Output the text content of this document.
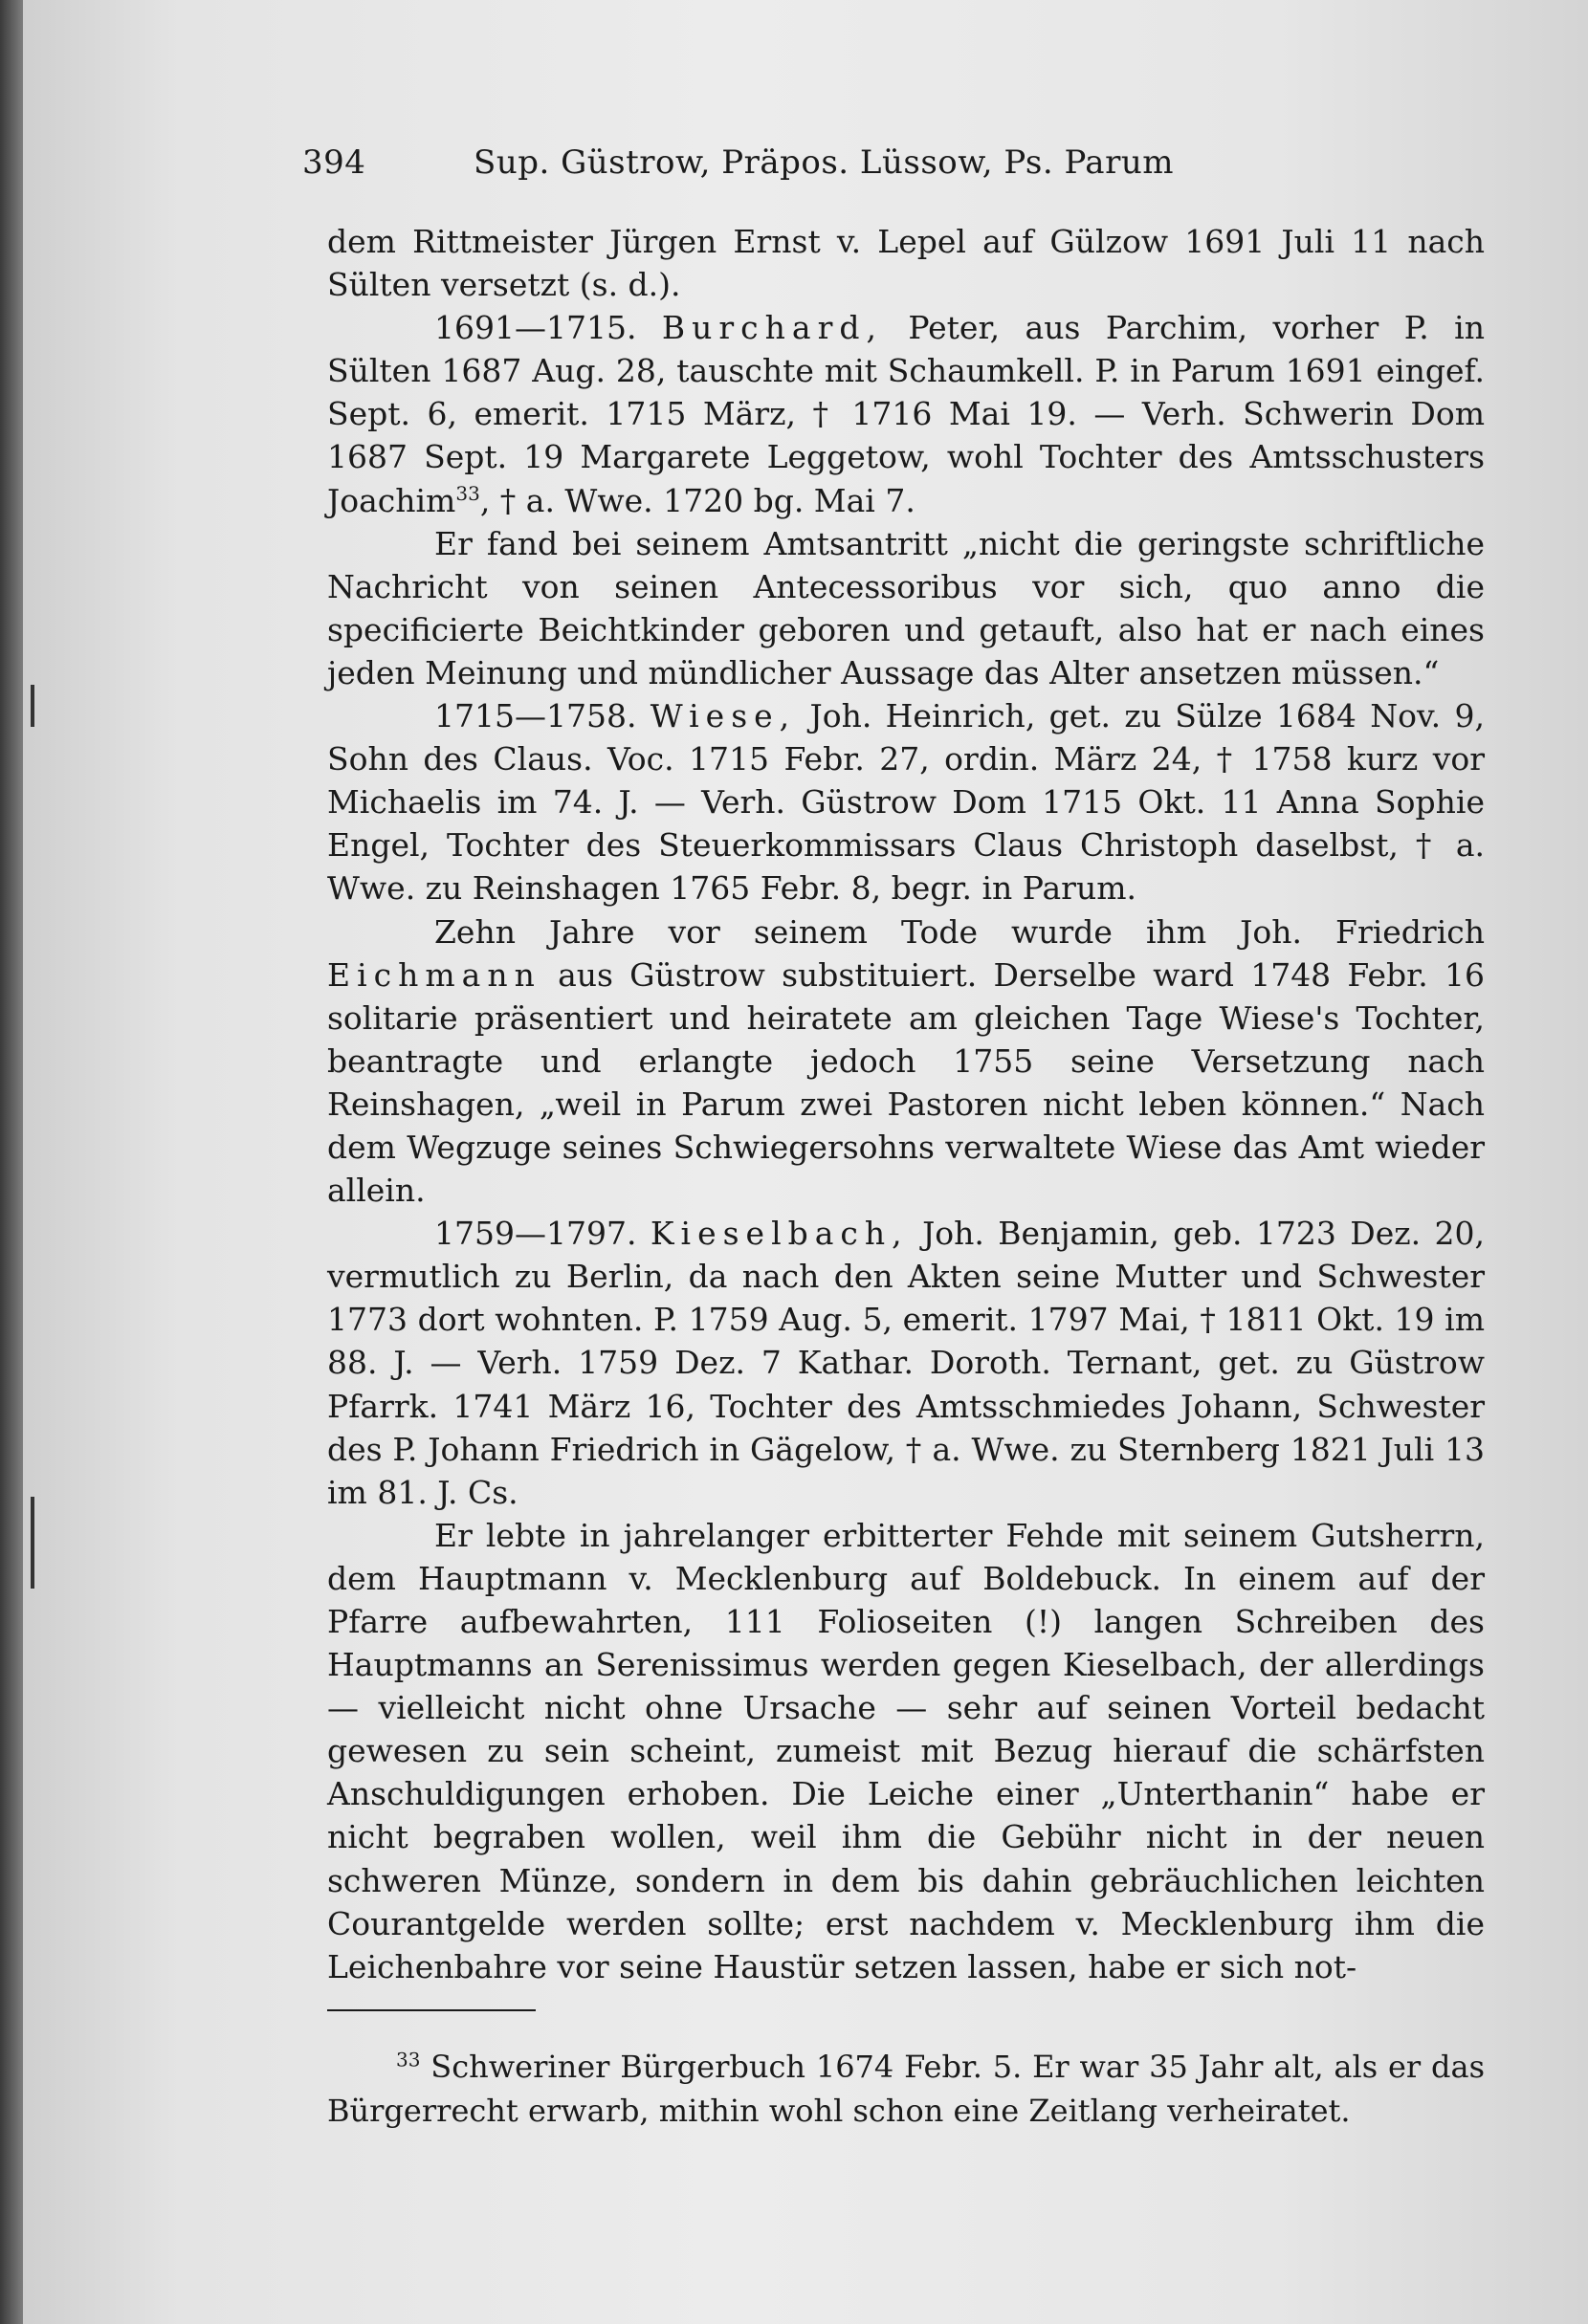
394	Sup. Güstrow, Präpos. Lüssow, Ps. Parum

dem Rittmeister Jürgen Ernst v. Lepel auf Gülzow 1691 Juli 11 nach Sülten versetzt (s. d.).

1691—1715. Burchard, Peter, aus Parchim, vorher P. in Sülten 1687 Aug. 28, tauschte mit Schaumkell. P. in Parum 1691 eingef. Sept. 6, emerit. 1715 März, † 1716 Mai 19. — Verh. Schwerin Dom 1687 Sept. 19 Margarete Leggetow, wohl Tochter des Amtsschusters Joachim$^{33}$, † a. Wwe. 1720 bg. Mai 7.

Er fand bei seinem Amtsantritt „nicht die geringste schriftliche Nachricht von seinen Antecessoribus vor sich, quo anno die specificierte Beichtkinder geboren und getauft, also hat er nach eines jeden Meinung und mündlicher Aussage das Alter ansetzen müssen.“

1715—1758. Wiese, Joh. Heinrich, get. zu Sülze 1684 Nov. 9, Sohn des Claus. Voc. 1715 Febr. 27, ordin. März 24, † 1758 kurz vor Michaelis im 74. J. — Verh. Güstrow Dom 1715 Okt. 11 Anna Sophie Engel, Tochter des Steuerkommissars Claus Christoph daselbst, † a. Wwe. zu Reinshagen 1765 Febr. 8, begr. in Parum.

Zehn Jahre vor seinem Tode wurde ihm Joh. Friedrich Eichmann aus Güstrow substituiert. Derselbe ward 1748 Febr. 16 solitarie präsentiert und heiratete am gleichen Tage Wiese's Tochter, beantragte und erlangte jedoch 1755 seine Versetzung nach Reinshagen, „weil in Parum zwei Pastoren nicht leben können.“ Nach dem Wegzuge seines Schwiegersohns verwaltete Wiese das Amt wieder allein.

1759—1797. Kieselbach, Joh. Benjamin, geb. 1723 Dez. 20, vermutlich zu Berlin, da nach den Akten seine Mutter und Schwester 1773 dort wohnten. P. 1759 Aug. 5, emerit. 1797 Mai, † 1811 Okt. 19 im 88. J. — Verh. 1759 Dez. 7 Kathar. Doroth. Ternant, get. zu Güstrow Pfarrk. 1741 März 16, Tochter des Amtsschmiedes Johann, Schwester des P. Johann Friedrich in Gägelow, † a. Wwe. zu Sternberg 1821 Juli 13 im 81. J. Cs.

Er lebte in jahrelanger erbitterter Fehde mit seinem Gutsherrn, dem Hauptmann v. Mecklenburg auf Boldebuck. In einem auf der Pfarre aufbewahrten, 111 Folioseiten (!) langen Schreiben des Hauptmanns an Serenissimus werden gegen Kieselbach, der allerdings — vielleicht nicht ohne Ursache — sehr auf seinen Vorteil bedacht gewesen zu sein scheint, zumeist mit Bezug hierauf die schärfsten Anschuldigungen erhoben. Die Leiche einer „Unterthanin“ habe er nicht begraben wollen, weil ihm die Gebühr nicht in der neuen schweren Münze, sondern in dem bis dahin gebräuchlichen leichten Courantgelde werden sollte; erst nachdem v. Mecklenburg ihm die Leichenbahre vor seine Haustür setzen lassen, habe er sich not-

$^{33}$ Schweriner Bürgerbuch 1674 Febr. 5. Er war 35 Jahr alt, als er das Bürgerrecht erwarb, mithin wohl schon eine Zeitlang verheiratet.
